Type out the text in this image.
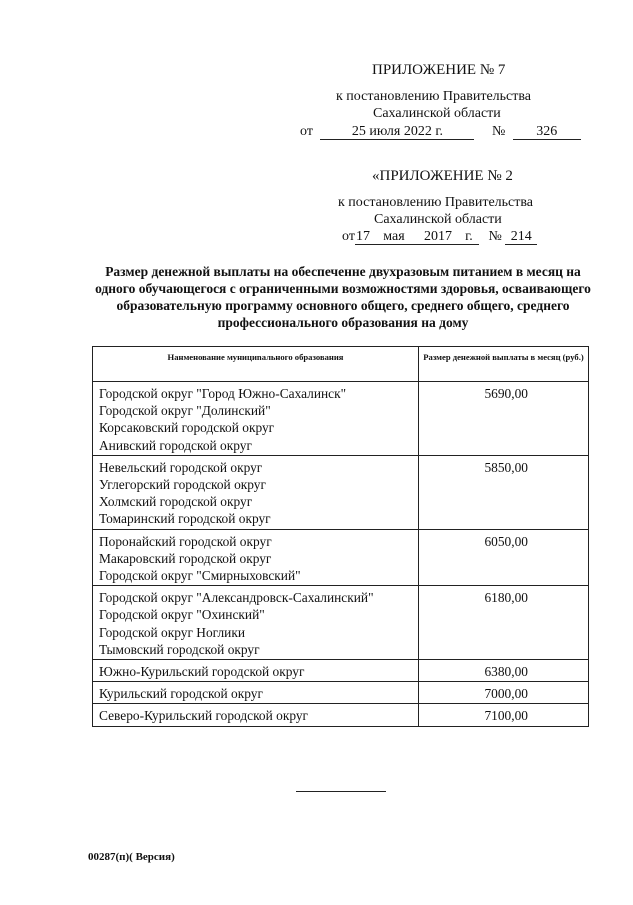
ПРИЛОЖЕНИЕ № 7
к постановлению Правительства
Сахалинской области
от	25 июля 2022 г.	№ 326
«ПРИЛОЖЕНИЕ № 2
к постановлению Правительства
Сахалинской области
от17 мая 2017 г. № 214
Размер денежной выплаты на обеспеченне двухразовым питанием в месяц на одного обучающегося с ограниченными возможностями здоровья, осваивающего образовательную программу основного общего, среднего общего, среднего профессионального образования на дому
Нанменование мунициnального образования	Размер денежной выплаты в месяц (руб.)

Городской округ "Город Южно-Сахалинск"
Городской округ "Долинский"
Корсаковский городской округ
Анивский городской округ	5690,00

Невельский городской округ
Углегорский городской округ
Холмский городской округ
Томаринский городской округ	5850,00

Поронайский городской округ
Макаровский городской округ
Городской округ "Смирныховский"	6050,00

Городской округ "Александровск-Сахалинский"
Городской округ "Охинский"
Городской округ Ноглики
Тымовский городской округ	6180,00

Южно-Курильский городской округ	6380,00

Курильский городской округ	7000,00

Северо-Курильский городской округ	7100,00
00287(п)( Версия)
